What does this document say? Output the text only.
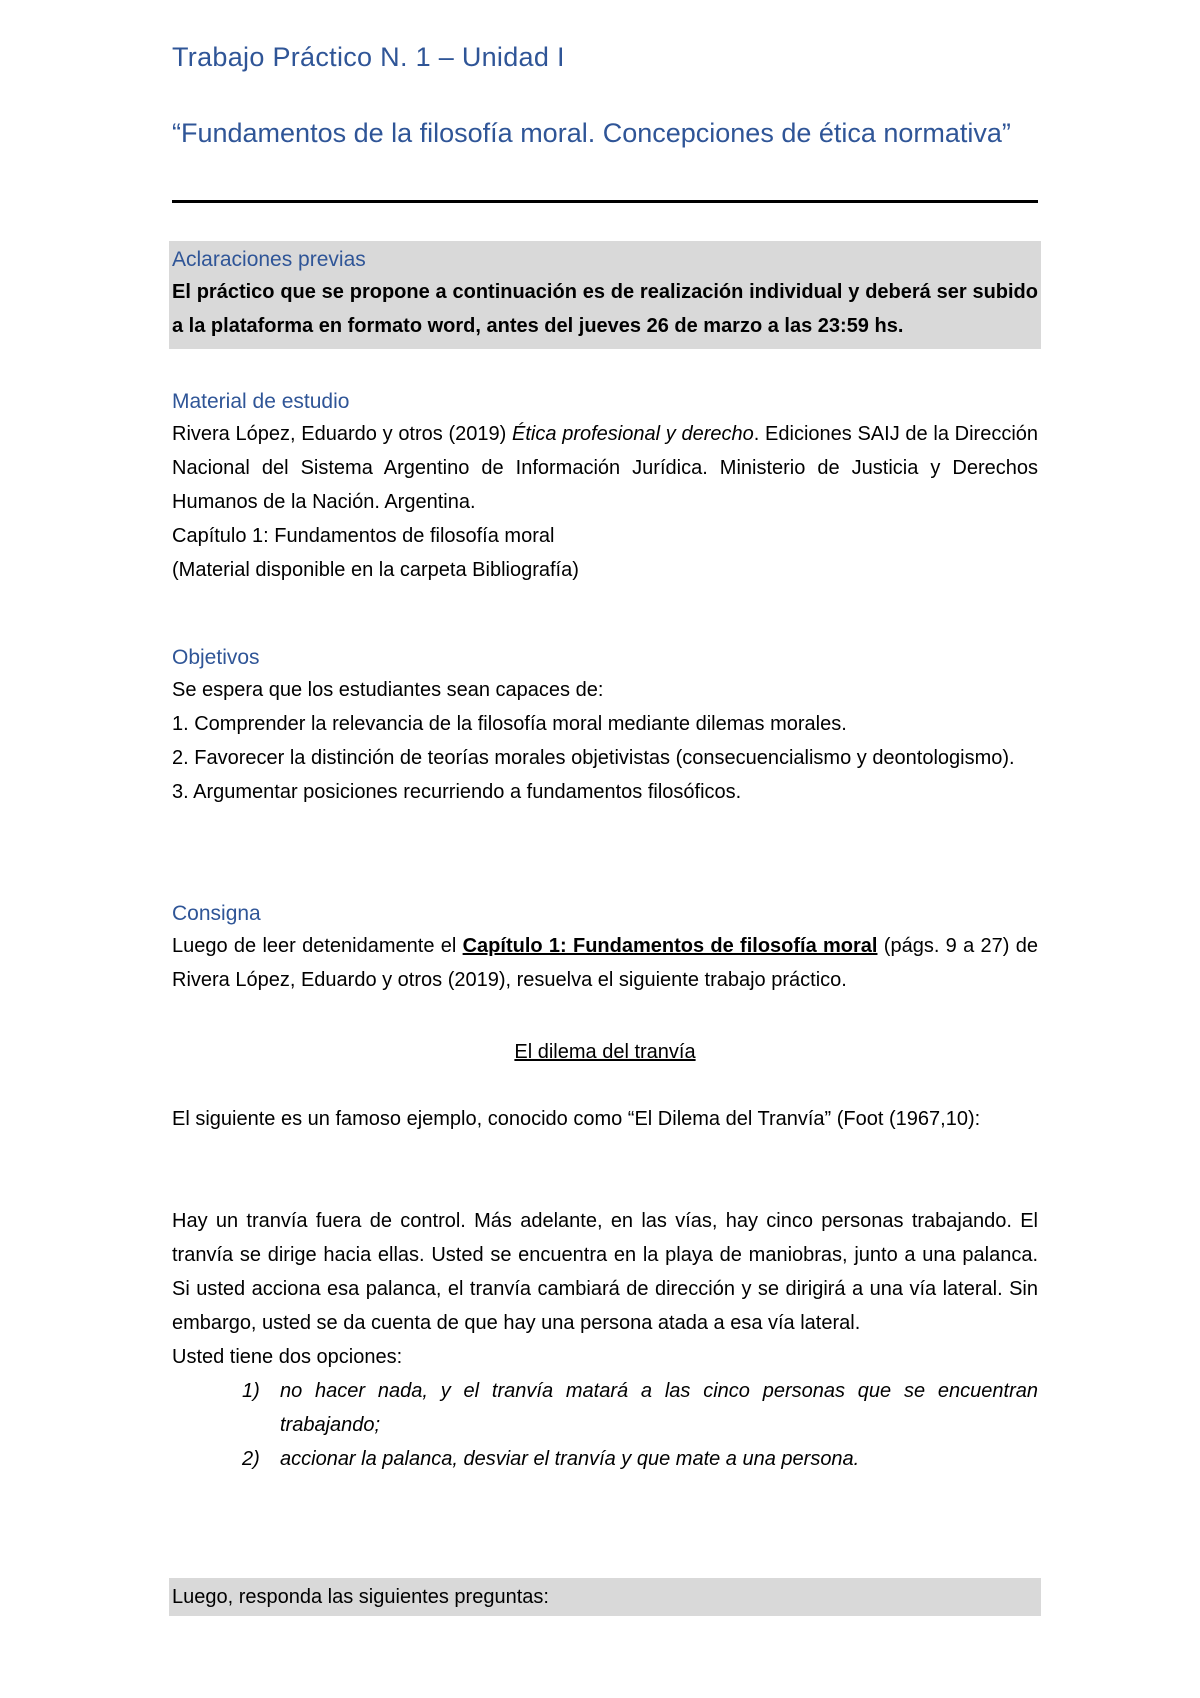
Trabajo Práctico N. 1 – Unidad I
“Fundamentos de la filosofía moral. Concepciones de ética normativa”
Aclaraciones previas
El práctico que se propone a continuación es de realización individual y deberá ser subido a la plataforma en formato word, antes del jueves 26 de marzo a las 23:59 hs.
Material de estudio
Rivera López, Eduardo y otros (2019) Ética profesional y derecho. Ediciones SAIJ de la Dirección Nacional del Sistema Argentino de Información Jurídica. Ministerio de Justicia y Derechos Humanos de la Nación. Argentina.
Capítulo 1: Fundamentos de filosofía moral
(Material disponible en la carpeta Bibliografía)
Objetivos
Se espera que los estudiantes sean capaces de:
1. Comprender la relevancia de la filosofía moral mediante dilemas morales.
2. Favorecer la distinción de teorías morales objetivistas (consecuencialismo y deontologismo).
3. Argumentar posiciones recurriendo a fundamentos filosóficos.
Consigna
Luego de leer detenidamente el Capítulo 1: Fundamentos de filosofía moral (págs. 9 a 27) de Rivera López, Eduardo y otros (2019), resuelva el siguiente trabajo práctico.
El dilema del tranvía
El siguiente es un famoso ejemplo, conocido como “El Dilema del Tranvía” (Foot (1967,10):
Hay un tranvía fuera de control. Más adelante, en las vías, hay cinco personas trabajando. El tranvía se dirige hacia ellas. Usted se encuentra en la playa de maniobras, junto a una palanca. Si usted acciona esa palanca, el tranvía cambiará de dirección y se dirigirá a una vía lateral. Sin embargo, usted se da cuenta de que hay una persona atada a esa vía lateral.
Usted tiene dos opciones:
1) no hacer nada, y el tranvía matará a las cinco personas que se encuentran trabajando;
2) accionar la palanca, desviar el tranvía y que mate a una persona.
Luego, responda las siguientes preguntas:
